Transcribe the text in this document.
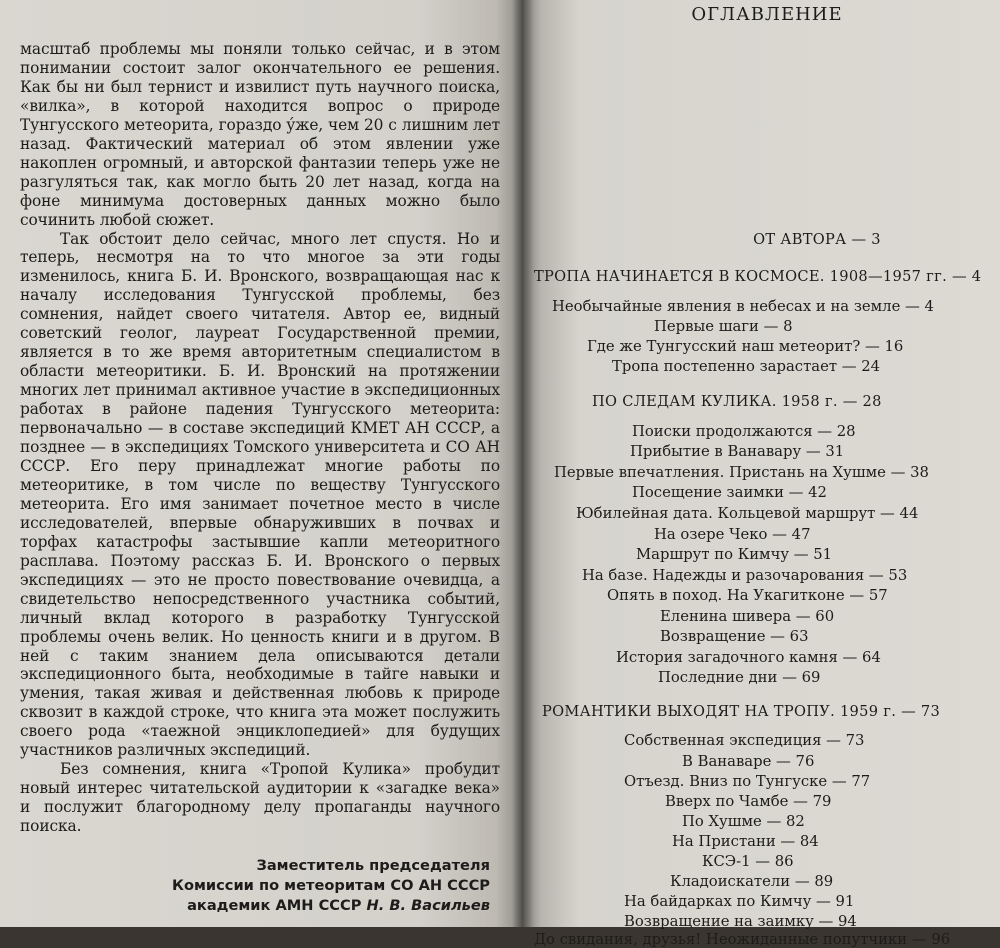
масштаб проблемы мы поняли только сейчас, и в этом понимании состоит залог окончательного ее решения. Как бы ни был тернист и извилист путь научного поиска, «вилка», в которой находится вопрос о природе Тунгусского метеорита, гораздо у́же, чем 20 с лишним лет назад. Фактический материал об этом явлении уже накоплен огромный, и авторской фантазии теперь уже не разгуляться так, как могло быть 20 лет назад, когда на фоне минимума достоверных данных можно было сочинить любой сюжет.

Так обстоит дело сейчас, много лет спустя. Но и теперь, несмотря на то что многое за эти годы изменилось, книга Б. И. Вронского, возвращающая нас к началу исследования Тунгусской проблемы, без сомнения, найдет своего читателя. Автор ее, видный советский геолог, лауреат Государственной премии, является в то же время авторитетным специалистом в области метеоритики. Б. И. Вронский на протяжении многих лет принимал активное участие в экспедиционных работах в районе падения Тунгусского метеорита: первоначально — в составе экспедиций КМЕТ АН СССР, а позднее — в экспедициях Томского университета и СО АН СССР. Его перу принадлежат многие работы по метеоритике, в том числе по веществу Тунгусского метеорита. Его имя занимает почетное место в числе исследователей, впервые обнаруживших в почвах и торфах катастрофы застывшие капли метеоритного расплава. Поэтому рассказ Б. И. Вронского о первых экспедициях — это не просто повествование очевидца, а свидетельство непосредственного участника событий, личный вклад которого в разработку Тунгусской проблемы очень велик. Но ценность книги и в другом. В ней с таким знанием дела описываются детали экспедиционного быта, необходимые в тайге навыки и умения, такая живая и действенная любовь к природе сквозит в каждой строке, что книга эта может послужить своего рода «таежной энциклопедией» для будущих участников различных экспедиций.

Без сомнения, книга «Тропой Кулика» пробудит новый интерес читательской аудитории к «загадке века» и послужит благородному делу пропаганды научного поиска.

Заместитель председателя
Комиссии по метеоритам СО АН СССР
академик АМН СССР Н. В. Васильев
ОГЛАВЛЕНИЕ
ОТ АВТОРА — 3
ТРОПА НАЧИНАЕТСЯ В КОСМОСЕ. 1908—1957 гг. — 4
Необычайные явления в небесах и на земле — 4
Первые шаги — 8
Где же Тунгусский наш метеорит? — 16
Тропа постепенно зарастает — 24
ПО СЛЕДАМ КУЛИКА. 1958 г. — 28
Поиски продолжаются — 28
Прибытие в Ванавару — 31
Первые впечатления. Пристань на Хушме — 38
Посещение заимки — 42
Юбилейная дата. Кольцевой маршрут — 44
На озере Чеко — 47
Маршрут по Кимчу — 51
На базе. Надежды и разочарования — 53
Опять в поход. На Укагитконе — 57
Еленина шивера — 60
Возвращение — 63
История загадочного камня — 64
Последние дни — 69
РОМАНТИКИ ВЫХОДЯТ НА ТРОПУ. 1959 г. — 73
Собственная экспедиция — 73
В Ванаваре — 76
Отъезд. Вниз по Тунгуске — 77
Вверх по Чамбе — 79
По Хушме — 82
На Пристани — 84
КСЭ-1 — 86
Кладоискатели — 89
На байдарках по Кимчу — 91
Возвращение на заимку — 94
До свидания, друзья! Неожиданные попутчики — 96
